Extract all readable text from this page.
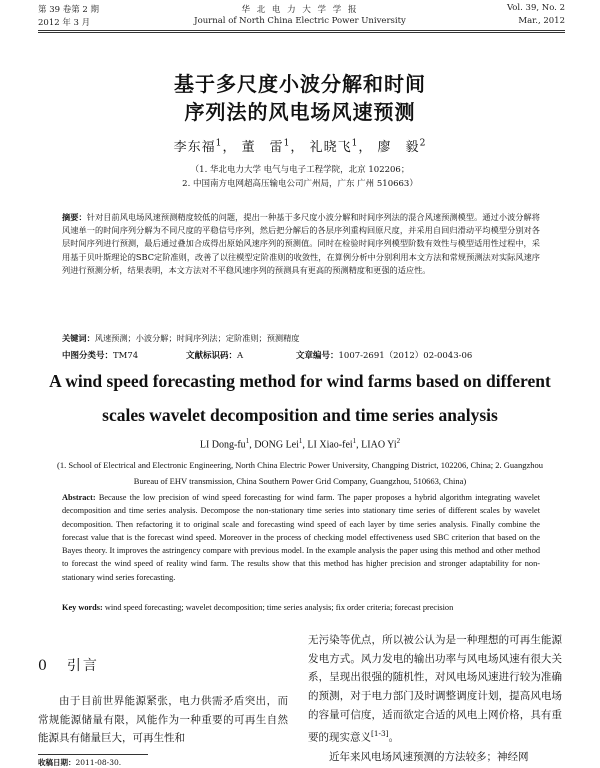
第 39 卷第 2 期
2012 年 3 月
华 北 电 力 大 学 学 报
Journal of North China Electric Power University
Vol. 39, No. 2
Mar., 2012
基于多尺度小波分解和时间
序列法的风电场风速预测
李东福$^1$， 董　雷$^1$， 礼晓飞$^1$， 廖　毅$^2$
（1. 华北电力大学 电气与电子工程学院，北京 102206；
2. 中国南方电网超高压输电公司广州局，广东 广州 510663）
摘要：针对目前风电场风速预测精度较低的问题，提出一种基于多尺度小波分解和时间序列法的混合风速预测模型。通过小波分解将风速单一的时间序列分解为不同尺度的平稳信号序列，然后把分解后的各层序列重构回原尺度，并采用自回归滑动平均模型分别对各层时间序列进行预测，最后通过叠加合成得出原始风速序列的预测值。同时在检验时间序列模型阶数有效性与模型适用性过程中，采用基于贝叶斯理论的SBC定阶准则，改善了以往模型定阶准则的收敛性，在算例分析中分别利用本文方法和常规预测法对实际风速序列进行预测分析，结果表明，本文方法对不平稳风速序列的预测具有更高的预测精度和更强的适应性。
关键词：风速预测；小波分解；时间序列法；定阶准则；预测精度
中图分类号：TM74	文献标识码：A	文章编号：1007-2691（2012）02-0043-06
A wind speed forecasting method for wind farms based on different
scales wavelet decomposition and time series analysis
LI Dong-$fu^1$, DONG Lei$^1$, LI Xiao-fei$^1$, LIAO Yi$^2$
(1. School of Electrical and Electronic Engineering, North China Electric Power University, Changping District, 102206, China; 2. Guangzhou Bureau of EHV transmission, China Southern Power Grid Company, Guangzhou, 510663, China)
Abstract: Because the low precision of wind speed forecasting for wind farm. The paper proposes a hybrid algorithm integrating wavelet decomposition and time series analysis. Decompose the non-stationary time series into stationary time series of different scales by wavelet decomposition. Then refactoring it to original scale and forecasting wind speed of each layer by time series analysis. Finally combine the forecast value that is the forecast wind speed. Moreover in the process of checking model effectiveness used SBC criterion that based on the Bayes theory. It improves the astringency compare with previous model. In the example analysis the paper using this method and other method to forecast the wind speed of reality wind farm. The results show that this method has higher precision and stronger adaptability for non-stationary wind series forecasting.
Key words: wind speed forecasting; wavelet decomposition; time series analysis; fix order criteria; forecast precision
0 引言
由于目前世界能源紧张，电力供需矛盾突出，而常规能源储量有限，风能作为一种重要的可再生自然能源具有储量巨大，可再生性和
无污染等优点，所以被公认为是一种理想的可再生能源发电方式。风力发电的输出功率与风电场风速有很大关系，呈现出很强的随机性，对风电场风速进行较为准确的预测，对于电力部门及时调整调度计划，提高风电场的容量可信度，适而欲定合适的风电上网价格，具有重要的现实意义[1-3]。
近年来风电场风速预测的方法较多；神经网
收稿日期：2011-08-30.
